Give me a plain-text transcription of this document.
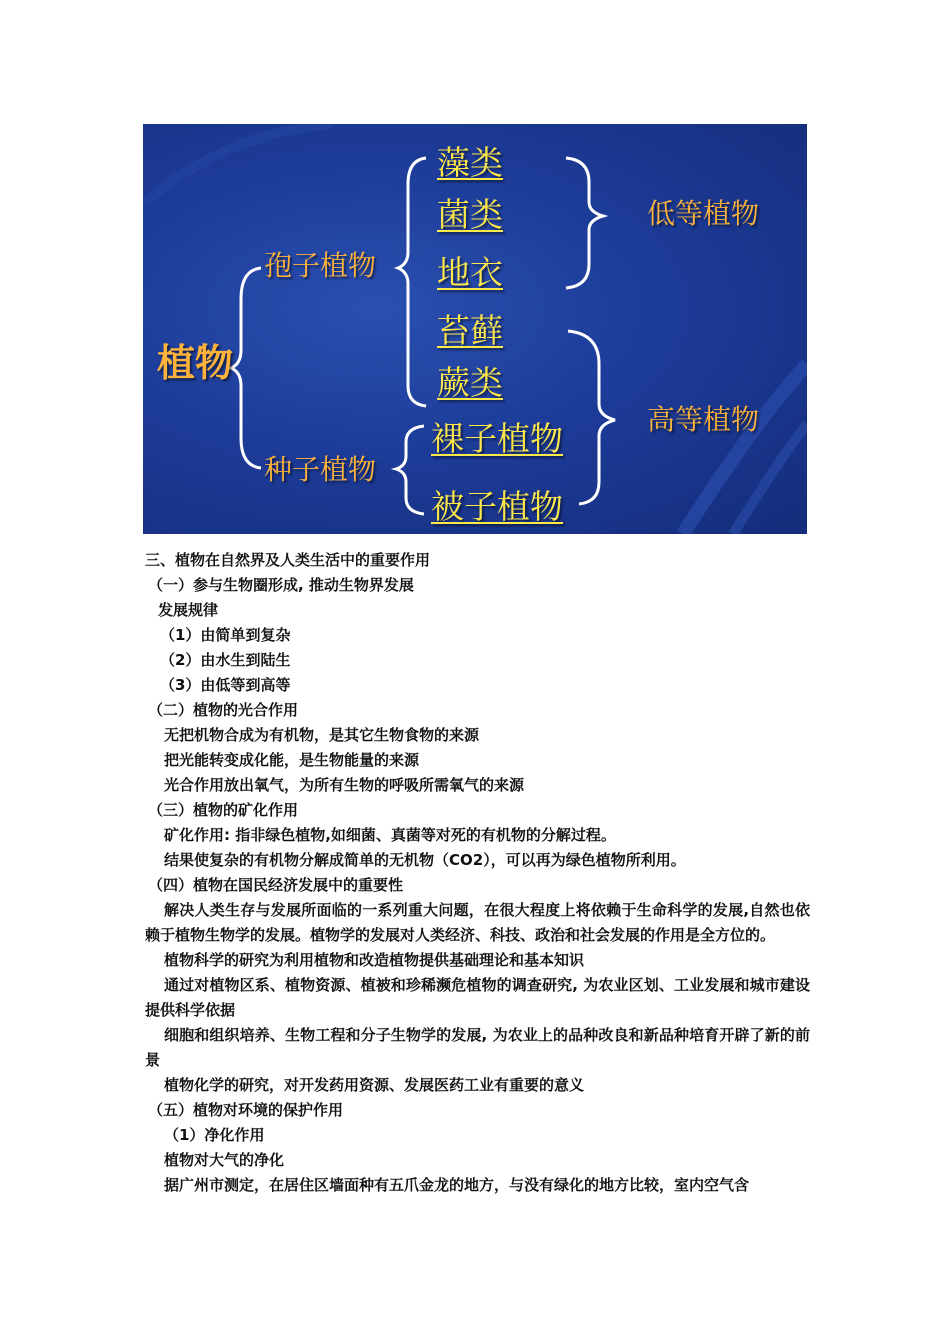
植物
孢子植物
种子植物
藻类
菌类
地衣
苔藓
蕨类
裸子植物
被子植物
低等植物
高等植物
三、植物在自然界及人类生活中的重要作用
（一）参与生物圈形成, 推动生物界发展
发展规律
（1）由简单到复杂
（2）由水生到陆生
（3）由低等到高等
（二）植物的光合作用
无把机物合成为有机物，是其它生物食物的来源
把光能转变成化能，是生物能量的来源
光合作用放出氧气，为所有生物的呼吸所需氧气的来源
（三）植物的矿化作用
矿化作用: 指非绿色植物,如细菌、真菌等对死的有机物的分解过程。
结果使复杂的有机物分解成简单的无机物（CO2），可以再为绿色植物所利用。
（四）植物在国民经济发展中的重要性
解决人类生存与发展所面临的一系列重大问题，在很大程度上将依赖于生命科学的发展,自然也依赖于植物生物学的发展。植物学的发展对人类经济、科技、政治和社会发展的作用是全方位的。
植物科学的研究为利用植物和改造植物提供基础理论和基本知识
通过对植物区系、植物资源、植被和珍稀濒危植物的调查研究, 为农业区划、工业发展和城市建设提供科学依据
细胞和组织培养、生物工程和分子生物学的发展, 为农业上的品种改良和新品种培育开辟了新的前景
植物化学的研究，对开发药用资源、发展医药工业有重要的意义
（五）植物对环境的保护作用
（1）净化作用
植物对大气的净化
据广州市测定，在居住区墙面种有五爪金龙的地方，与没有绿化的地方比较，室内空气含
